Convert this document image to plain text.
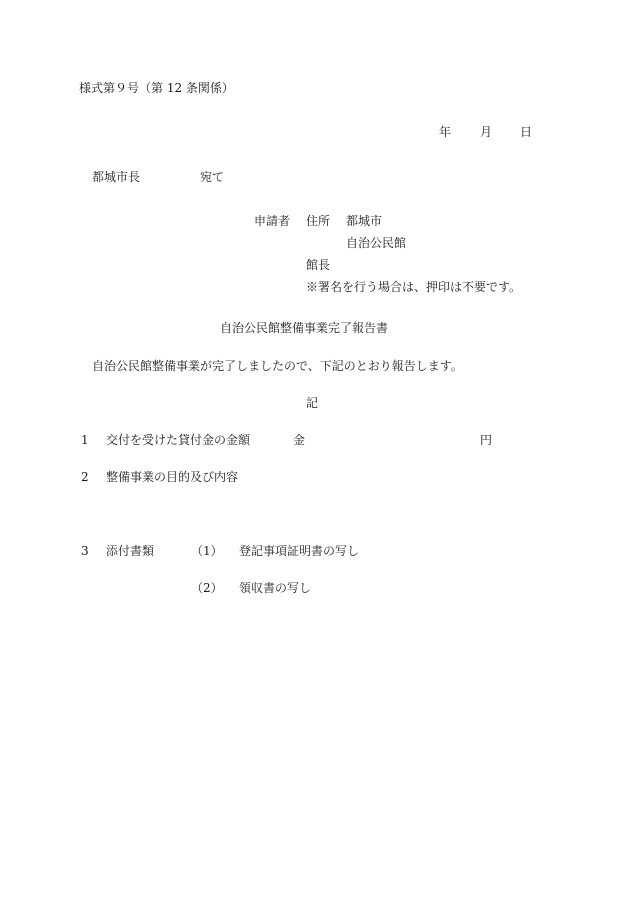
様式第９号（第 12 条関係）
年 月 日
都城市長	宛て
申請者 住所 都城市
自治公民館
館長
※署名を行う場合は、押印は不要です。
自治公民館整備事業完了報告書
自治公民館整備事業が完了しましたので、下記のとおり報告します。
記
1 交付を受けた貸付金の金額	金	円
2 整備事業の目的及び内容
3 添付書類	（1） 登記事項証明書の写し
（2） 領収書の写し
